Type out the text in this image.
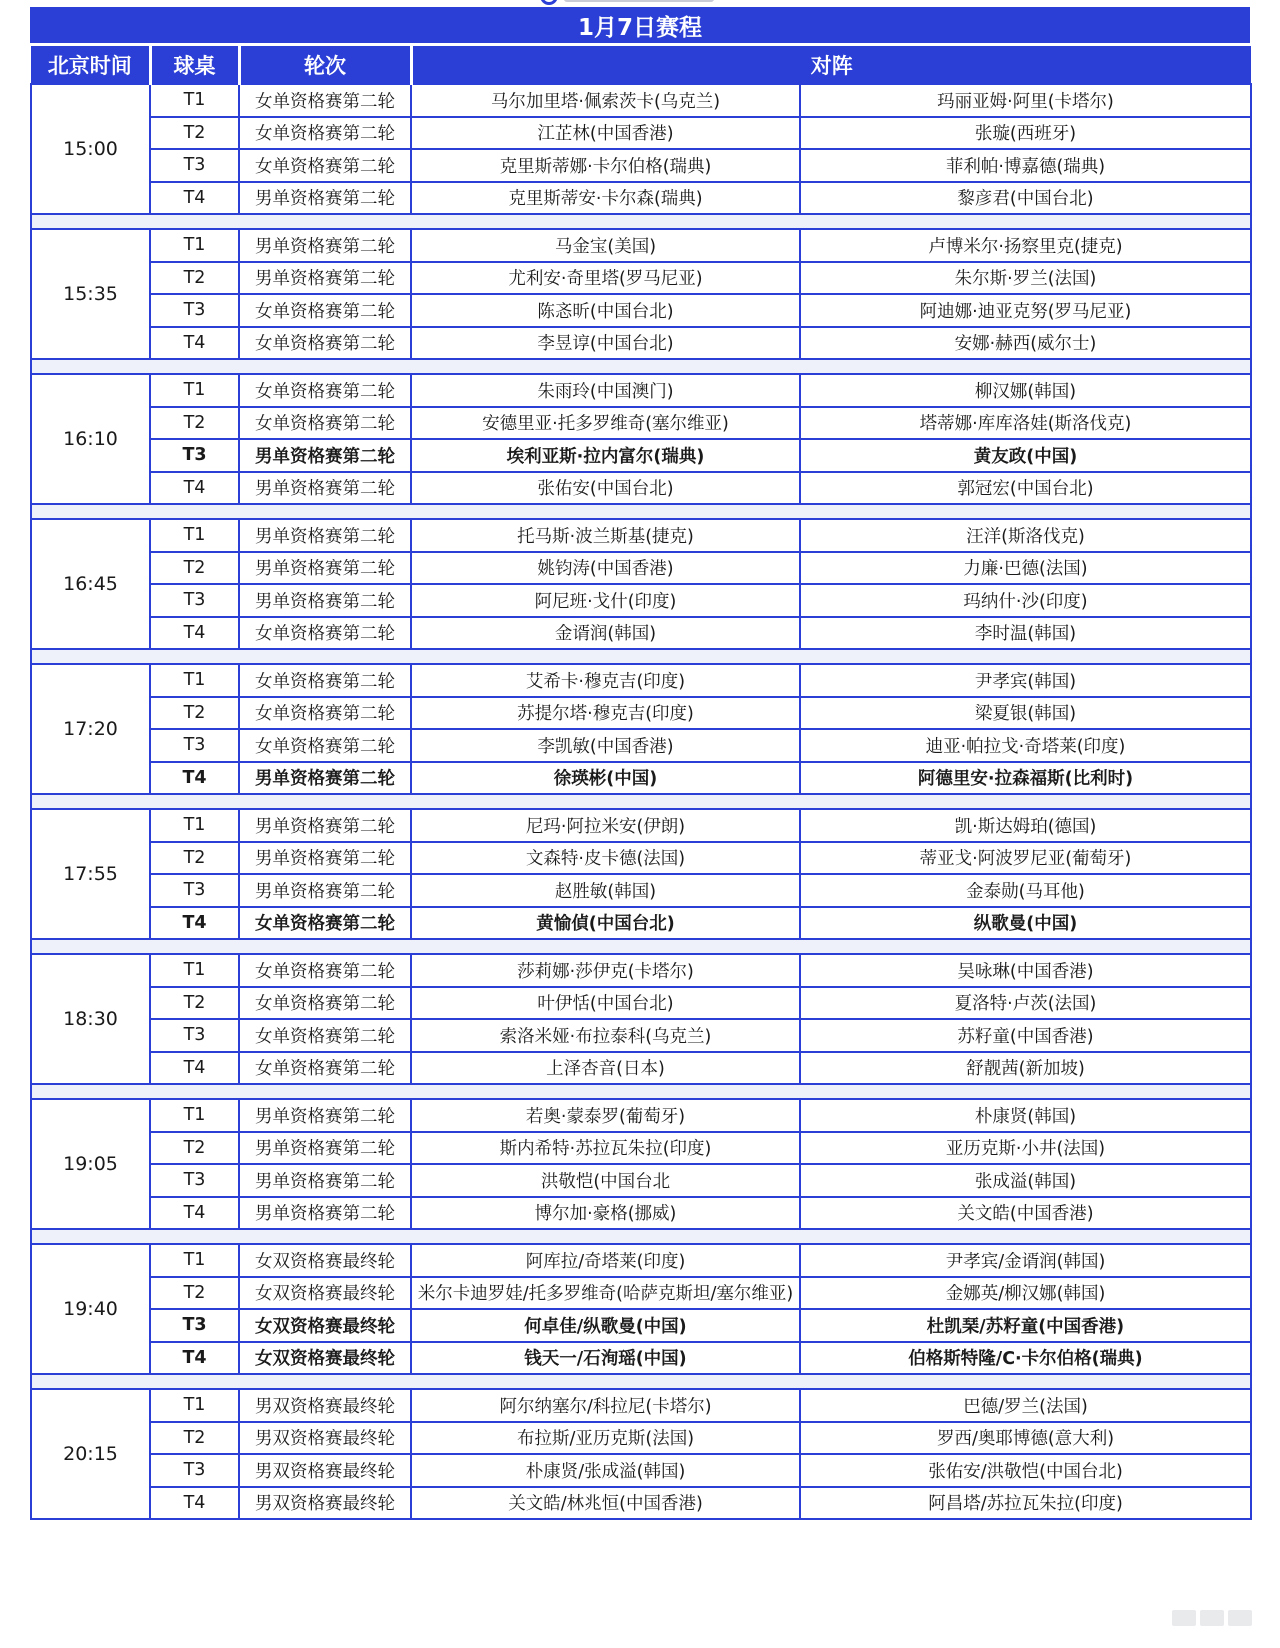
1月7日赛程
北京时间	球桌	轮次	对阵	
15:00	T1	女单资格赛第二轮	马尔加里塔·佩索茨卡(乌克兰)	玛丽亚姆·阿里(卡塔尔)
	T2	女单资格赛第二轮	江芷林(中国香港)	张璇(西班牙)
	T3	女单资格赛第二轮	克里斯蒂娜·卡尔伯格(瑞典)	菲利帕·博嘉德(瑞典)
	T4	男单资格赛第二轮	克里斯蒂安·卡尔森(瑞典)	黎彦君(中国台北)

15:35	T1	男单资格赛第二轮	马金宝(美国)	卢博米尔·扬察里克(捷克)
	T2	男单资格赛第二轮	尤利安·奇里塔(罗马尼亚)	朱尔斯·罗兰(法国)
	T3	女单资格赛第二轮	陈忞昕(中国台北)	阿迪娜·迪亚克努(罗马尼亚)
	T4	女单资格赛第二轮	李昱谆(中国台北)	安娜·赫西(威尔士)

16:10	T1	女单资格赛第二轮	朱雨玲(中国澳门)	柳汉娜(韩国)
	T2	女单资格赛第二轮	安德里亚·托多罗维奇(塞尔维亚)	塔蒂娜·库库洛娃(斯洛伐克)
	T3	男单资格赛第二轮	埃利亚斯·拉内富尔(瑞典)	黄友政(中国)
	T4	男单资格赛第二轮	张佑安(中国台北)	郭冠宏(中国台北)

16:45	T1	男单资格赛第二轮	托马斯·波兰斯基(捷克)	汪洋(斯洛伐克)
	T2	男单资格赛第二轮	姚钧涛(中国香港)	力廉·巴德(法国)
	T3	男单资格赛第二轮	阿尼班·戈什(印度)	玛纳什·沙(印度)
	T4	女单资格赛第二轮	金谞润(韩国)	李时温(韩国)

17:20	T1	女单资格赛第二轮	艾希卡·穆克吉(印度)	尹孝宾(韩国)
	T2	女单资格赛第二轮	苏提尔塔·穆克吉(印度)	梁夏银(韩国)
	T3	女单资格赛第二轮	李凯敏(中国香港)	迪亚·帕拉戈·奇塔莱(印度)
	T4	男单资格赛第二轮	徐瑛彬(中国)	阿德里安·拉森福斯(比利时)

17:55	T1	男单资格赛第二轮	尼玛·阿拉米安(伊朗)	凯·斯达姆珀(德国)
	T2	男单资格赛第二轮	文森特·皮卡德(法国)	蒂亚戈·阿波罗尼亚(葡萄牙)
	T3	男单资格赛第二轮	赵胜敏(韩国)	金泰勋(马耳他)
	T4	女单资格赛第二轮	黄愉偵(中国台北)	纵歌曼(中国)

18:30	T1	女单资格赛第二轮	莎莉娜·莎伊克(卡塔尔)	吴咏琳(中国香港)
	T2	女单资格赛第二轮	叶伊恬(中国台北)	夏洛特·卢茨(法国)
	T3	女单资格赛第二轮	索洛米娅·布拉泰科(乌克兰)	苏籽童(中国香港)
	T4	女单资格赛第二轮	上泽杏音(日本)	舒靓茜(新加坡)

19:05	T1	男单资格赛第二轮	若奥·蒙泰罗(葡萄牙)	朴康贤(韩国)
	T2	男单资格赛第二轮	斯内希特·苏拉瓦朱拉(印度)	亚历克斯·小井(法国)
	T3	男单资格赛第二轮	洪敬恺(中国台北	张成溢(韩国)
	T4	男单资格赛第二轮	博尔加·豪格(挪威)	关文皓(中国香港)

19:40	T1	女双资格赛最终轮	阿库拉/奇塔莱(印度)	尹孝宾/金谞润(韩国)
	T2	女双资格赛最终轮	米尔卡迪罗娃/托多罗维奇(哈萨克斯坦/塞尔维亚)	金娜英/柳汉娜(韩国)
	T3	女双资格赛最终轮	何卓佳/纵歌曼(中国)	杜凯琹/苏籽童(中国香港)
	T4	女双资格赛最终轮	钱天一/石洵瑶(中国)	伯格斯特隆/C·卡尔伯格(瑞典)

20:15	T1	男双资格赛最终轮	阿尔纳塞尔/科拉尼(卡塔尔)	巴德/罗兰(法国)
	T2	男双资格赛最终轮	布拉斯/亚历克斯(法国)	罗西/奥耶博德(意大利)
	T3	男双资格赛最终轮	朴康贤/张成溢(韩国)	张佑安/洪敬恺(中国台北)
	T4	男双资格赛最终轮	关文皓/林兆恒(中国香港)	阿昌塔/苏拉瓦朱拉(印度)
